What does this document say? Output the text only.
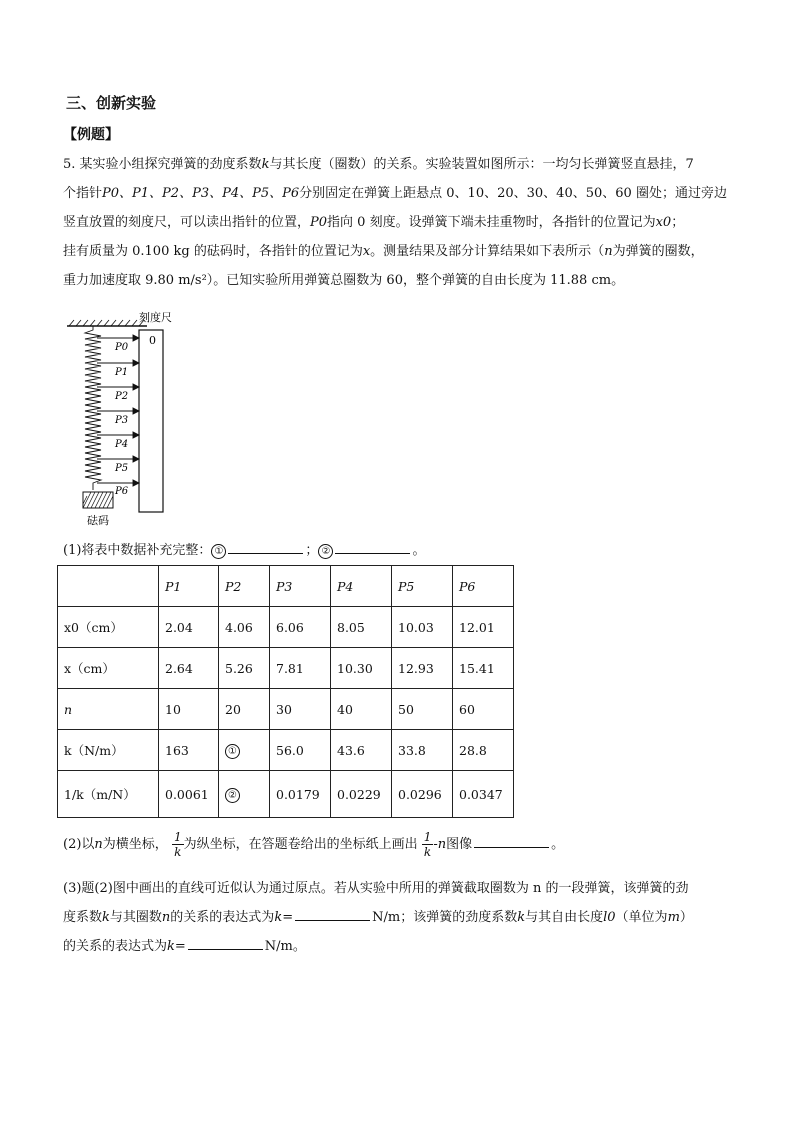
三、创新实验
【例题】

5. 某实验小组探究弹簧的劲度系数k与其长度（圈数）的关系。实验装置如图所示：一均匀长弹簧竖直悬挂，7

个指针P0、P1、P2、P3、P4、P5、P6分别固定在弹簧上距悬点 0、10、20、30、40、50、60 圈处；通过旁边

竖直放置的刻度尺，可以读出指针的位置，P0指向 0 刻度。设弹簧下端未挂重物时，各指针的位置记为x0；

挂有质量为 0.100 kg 的砝码时，各指针的位置记为x。测量结果及部分计算结果如下表所示（n为弹簧的圈数，

重力加速度取 9.80 m/s²）。已知实验所用弹簧总圈数为 60，整个弹簧的自由长度为 11.88 cm。

刻度尺
0
P0
P1
P2
P3
P4
P5
P6
砝码
(1)将表中数据补充完整： ①	； ②	。
	P1	P2	P3	P4	P5	P6
x0（cm）	2.04	4.06	6.06	8.05	10.03	12.01
x（cm）	2.64	5.26	7.81	10.30	12.93	15.41
n	10	20	30	40	50	60
k（N/m）	163	①	56.0	43.6	33.8	28.8
1/k（m/N）	0.0061	②	0.0179	0.0229	0.0296	0.0347
(2)以n为横坐标， $\frac{1}{k}$ 为纵坐标，在答题卷给出的坐标纸上画出 $\frac{1}{k} -n$图像	。
(3)题(2)图中画出的直线可近似认为通过原点。若从实验中所用的弹簧截取圈数为 n 的一段弹簧，该弹簧的劲
度系数k与其圈数n的关系的表达式为k=	N/m；该弹簧的劲度系数k与其自由长度l0（单位为m）
的关系的表达式为k=	N/m。
